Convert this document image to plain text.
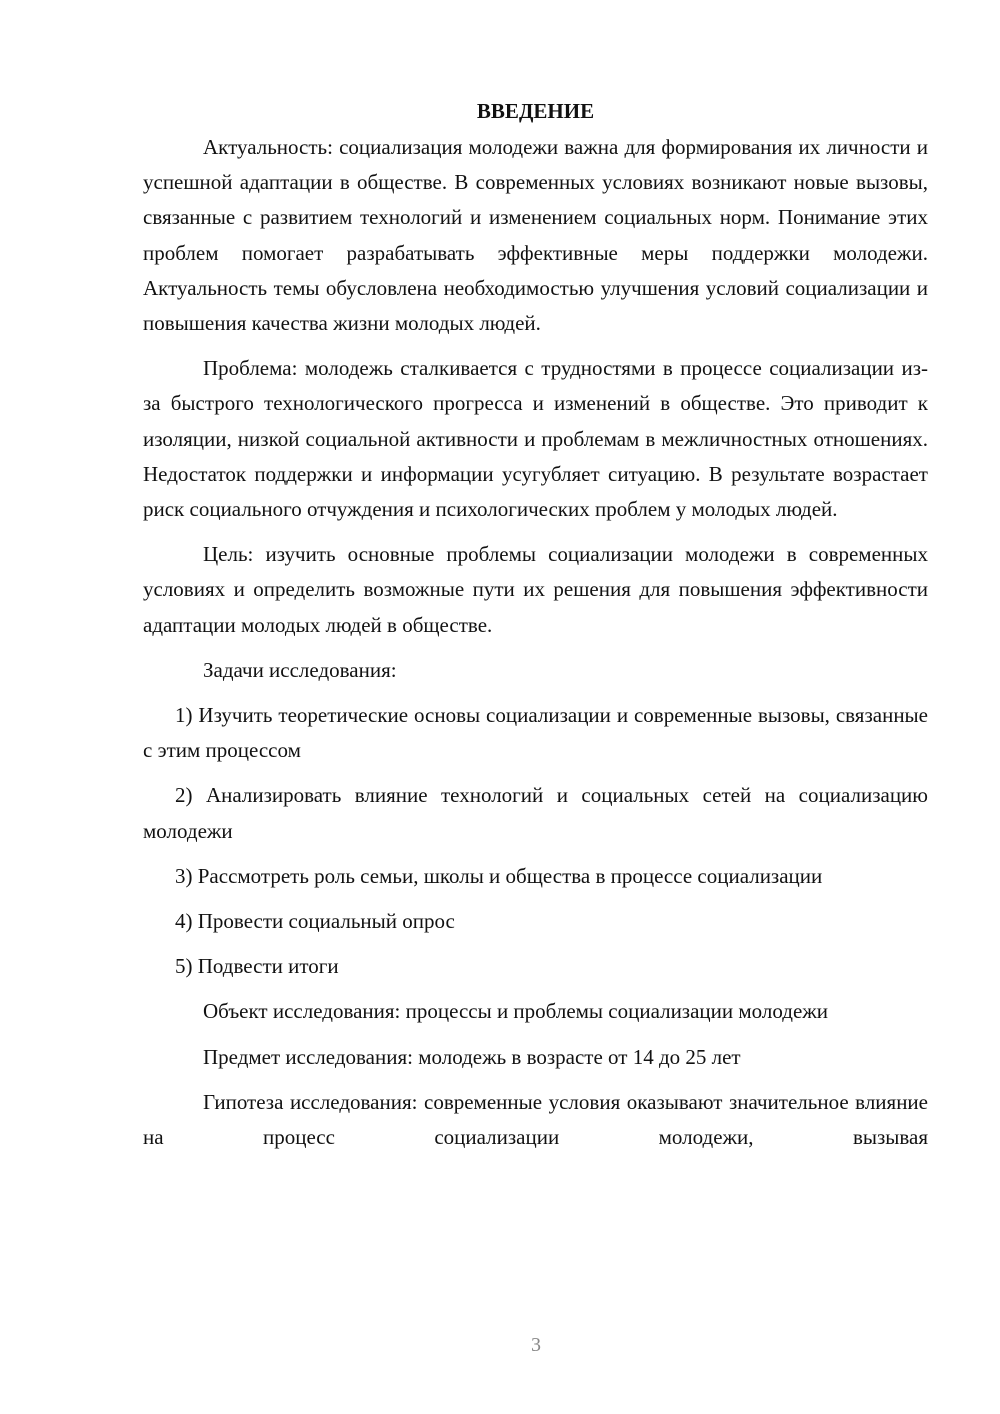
ВВЕДЕНИЕ

Актуальность: социализация молодежи важна для формирования их личности и успешной адаптации в обществе. В современных условиях возникают новые вызовы, связанные с развитием технологий и изменением социальных норм. Понимание этих проблем помогает разрабатывать эффективные меры поддержки молодежи. Актуальность темы обусловлена необходимостью улучшения условий социализации и повышения качества жизни молодых людей.

Проблема: молодежь сталкивается с трудностями в процессе социализации из-за быстрого технологического прогресса и изменений в обществе. Это приводит к изоляции, низкой социальной активности и проблемам в межличностных отношениях. Недостаток поддержки и информации усугубляет ситуацию. В результате возрастает риск социального отчуждения и психологических проблем у молодых людей.

Цель: изучить основные проблемы социализации молодежи в современных условиях и определить возможные пути их решения для повышения эффективности адаптации молодых людей в обществе.

Задачи исследования:

1) Изучить теоретические основы социализации и современные вызовы, связанные с этим процессом

2) Анализировать влияние технологий и социальных сетей на социализацию молодежи

3) Рассмотреть роль семьи, школы и общества в процессе социализации

4) Провести социальный опрос

5) Подвести итоги

Объект исследования: процессы и проблемы социализации молодежи

Предмет исследования: молодежь в возрасте от 14 до 25 лет

Гипотеза исследования: современные условия оказывают значительное влияние на процесс социализации молодежи, вызывая

3
